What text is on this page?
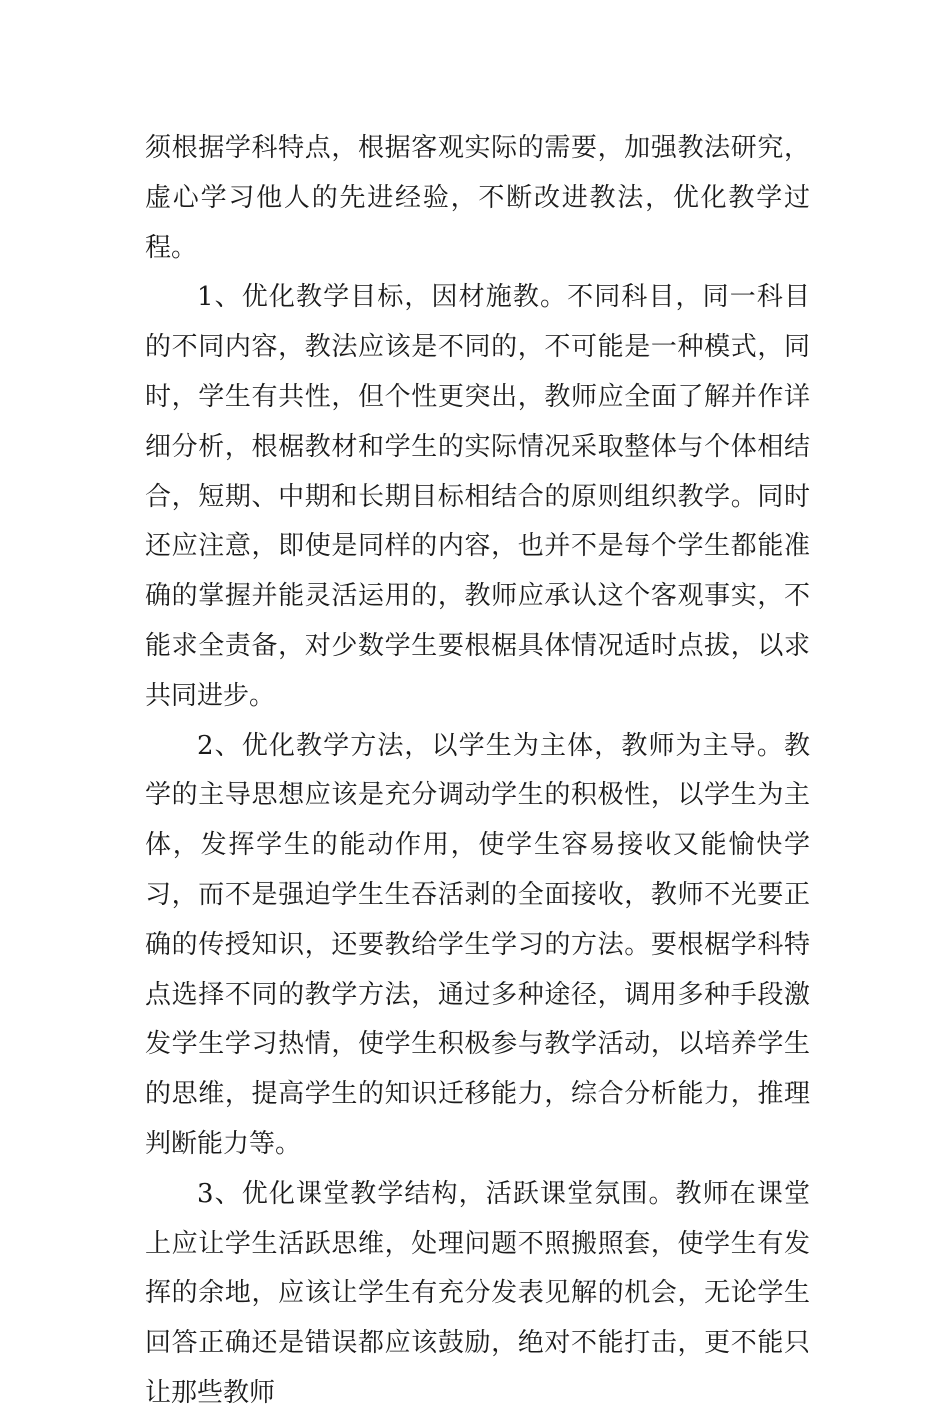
须根据学科特点，根据客观实际的需要，加强教法研究，虚心学习他人的先进经验，不断改进教法，优化教学过程。

1、优化教学目标，因材施教。不同科目，同一科目的不同内容，教法应该是不同的，不可能是一种模式，同时，学生有共性，但个性更突出，教师应全面了解并作详细分析，根椐教材和学生的实际情况采取整体与个体相结合，短期、中期和长期目标相结合的原则组织教学。同时还应注意，即使是同样的内容，也并不是每个学生都能准确的掌握并能灵活运用的，教师应承认这个客观事实，不能求全责备，对少数学生要根椐具体情况适时点拔，以求共同进步。

2、优化教学方法，以学生为主体，教师为主导。教学的主导思想应该是充分调动学生的积极性，以学生为主体，发挥学生的能动作用，使学生容易接收又能愉快学习，而不是强迫学生生吞活剥的全面接收，教师不光要正确的传授知识，还要教给学生学习的方法。要根椐学科特点选择不同的教学方法，通过多种途径，调用多种手段激发学生学习热情，使学生积极参与教学活动，以培养学生的思维，提高学生的知识迁移能力，综合分析能力，推理判断能力等。

3、优化课堂教学结构，活跃课堂氛围。教师在课堂上应让学生活跃思维，处理问题不照搬照套，使学生有发挥的余地，应该让学生有充分发表见解的机会，无论学生回答正确还是错误都应该鼓励，绝对不能打击，更不能只让那些教师
